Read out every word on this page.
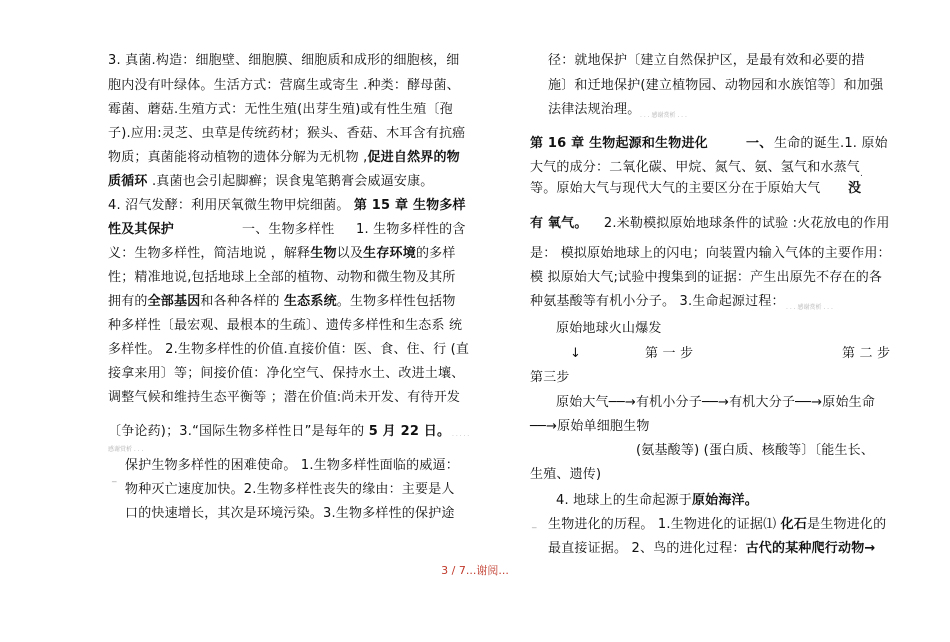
3. 真菌.构造：细胞壁、细胞膜、细胞质和成形的细胞核，细
胞内没有叶绿体。生活方式：营腐生或寄生 .种类：酵母菌、
霉菌、蘑菇.生殖方式：无性生殖(出芽生殖)或有性生殖〔孢
子).应用:灵芝、虫草是传统药材；猴头、香菇、木耳含有抗癌
物质；真菌能将动植物的遗体分解为无机物 ,促进自然界的物
质循环 .真菌也会引起脚癣；误食鬼笔鹅膏会威逼安康。
4. 沼气发酵：利用厌氧微生物甲烷细菌。 第 15 章 生物多样
性及其保护	一、生物多样性 1. 生物多样性的含
义：生物多样性，简洁地说 ，解释生物以及生存环境的多样
性；精准地说,包括地球上全部的植物、动物和微生物及其所
拥有的全部基因和各种各样的 生态系统。生物多样性包括物
种多样性〔最宏观、最根本的生疏〕、遗传多样性和生态系 统
多样性。 2.生物多样性的价值.直接价值：医、食、住、行 (直
接拿来用〕等；间接价值：净化空气、保持水土、改进土壤、
调整气候和维持生态平衡等 ；潜在价值:尚未开发、有待开发
〔争论药)；3.“国际生物多样性日”是每年的 5 月 22 日。 . . . . .
感谢赏析 . . .
_
保护生物多样性的困难使命。 1.生物多样性面临的威逼：
物种灭亡速度加快。2.生物多样性丧失的缘由：主要是人
口的快速增长，其次是环境污染。3.生物多样性的保护途
径：就地保护〔建立自然保护区，是最有效和必要的措
施〕和迁地保护(建立植物园、动物园和水族馆等〕和加强
法律法规治理。 . . . 感谢赏析 . . .
第 16 章 生物起源和生物进化	一、 生命的诞生.1. 原始
大气的成分：二氧化碳、甲烷、氮气、氨、氢气和水蒸气 .
等。原始大气与现代大气的主要区分在于原始大气 没
有 氧气。 2.米勒模拟原始地球条件的试验 :火花放电的作用
是： 模拟原始地球上的闪电；向装置内输入气体的主要作用：
模 拟原始大气;试验中搜集到的证据：产生出原先不存在的各
种氨基酸等有机小分子。 3.生命起源过程： . . . 感谢赏析 . . .
原始地球火山爆发
↓	第 一 步	第 二 步
第三步
原始大气──→有机小分子──→有机大分子──→原始生命
──→原始单细胞生物
(氨基酸等) (蛋白质、核酸等〕〔能生长、
生殖、遗传)
4. 地球上的生命起源于原始海洋。
_ 生物进化的历程。 1.生物进化的证据⑴ 化石是生物进化的
最直接证据。 2、鸟的进化过程：古代的某种爬行动物→
3 / 7...谢阅...
